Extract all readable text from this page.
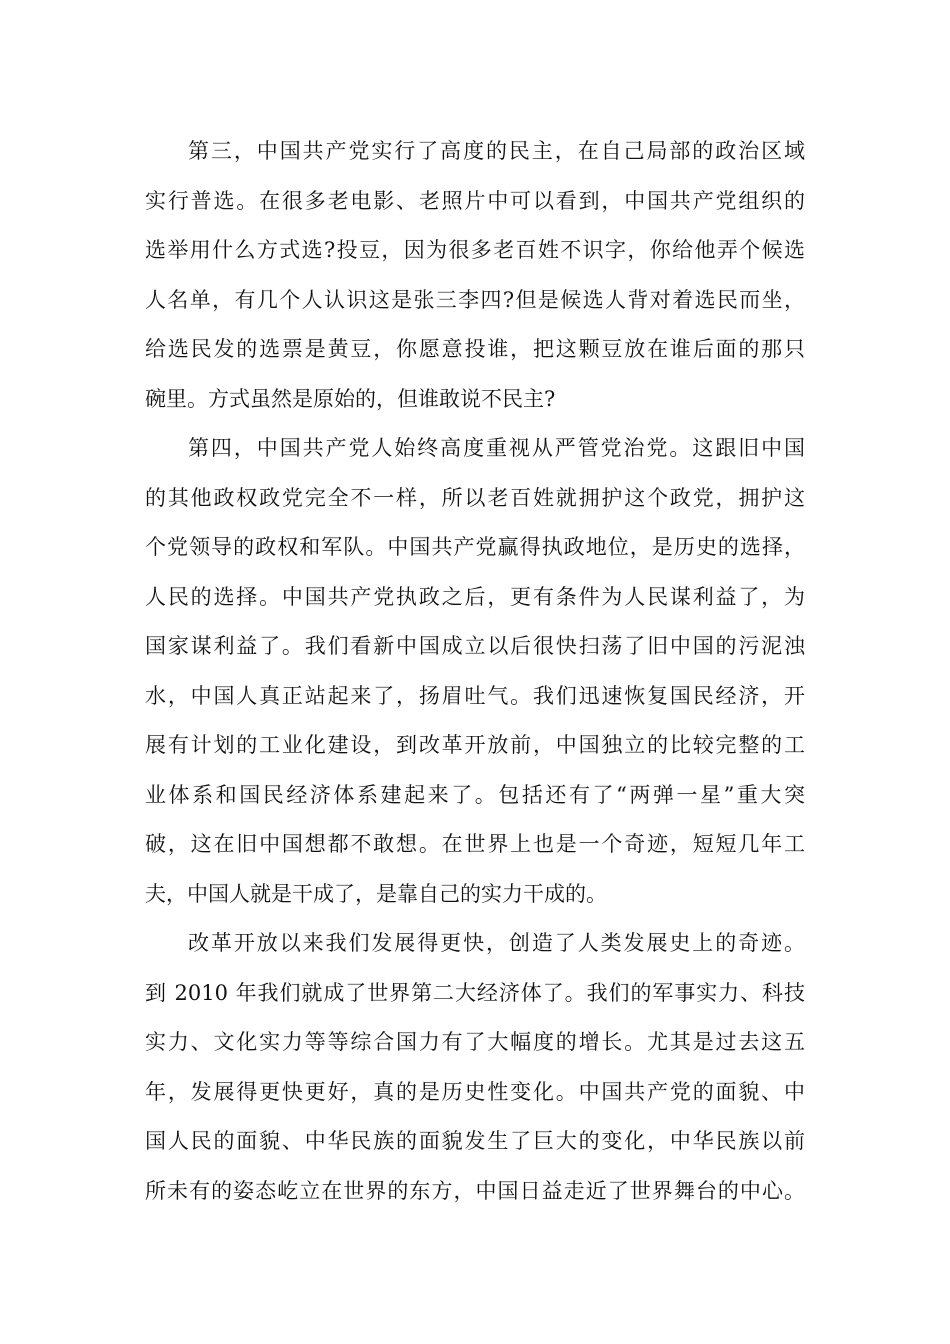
第三，中国共产党实行了高度的民主，在自己局部的政治区域
实行普选。在很多老电影、老照片中可以看到，中国共产党组织的
选举用什么方式选?投豆，因为很多老百姓不识字，你给他弄个候选
人名单，有几个人认识这是张三李四?但是候选人背对着选民而坐，
给选民发的选票是黄豆，你愿意投谁，把这颗豆放在谁后面的那只
碗里。方式虽然是原始的，但谁敢说不民主?
第四，中国共产党人始终高度重视从严管党治党。这跟旧中国
的其他政权政党完全不一样，所以老百姓就拥护这个政党，拥护这
个党领导的政权和军队。中国共产党赢得执政地位，是历史的选择，
人民的选择。中国共产党执政之后，更有条件为人民谋利益了，为
国家谋利益了。我们看新中国成立以后很快扫荡了旧中国的污泥浊
水，中国人真正站起来了，扬眉吐气。我们迅速恢复国民经济，开
展有计划的工业化建设，到改革开放前，中国独立的比较完整的工
业体系和国民经济体系建起来了。包括还有了“两弹一星”重大突
破，这在旧中国想都不敢想。在世界上也是一个奇迹，短短几年工
夫，中国人就是干成了，是靠自己的实力干成的。
改革开放以来我们发展得更快，创造了人类发展史上的奇迹。
到 2010 年我们就成了世界第二大经济体了。我们的军事实力、科技
实力、文化实力等等综合国力有了大幅度的增长。尤其是过去这五
年，发展得更快更好，真的是历史性变化。中国共产党的面貌、中
国人民的面貌、中华民族的面貌发生了巨大的变化，中华民族以前
所未有的姿态屹立在世界的东方，中国日益走近了世界舞台的中心。
